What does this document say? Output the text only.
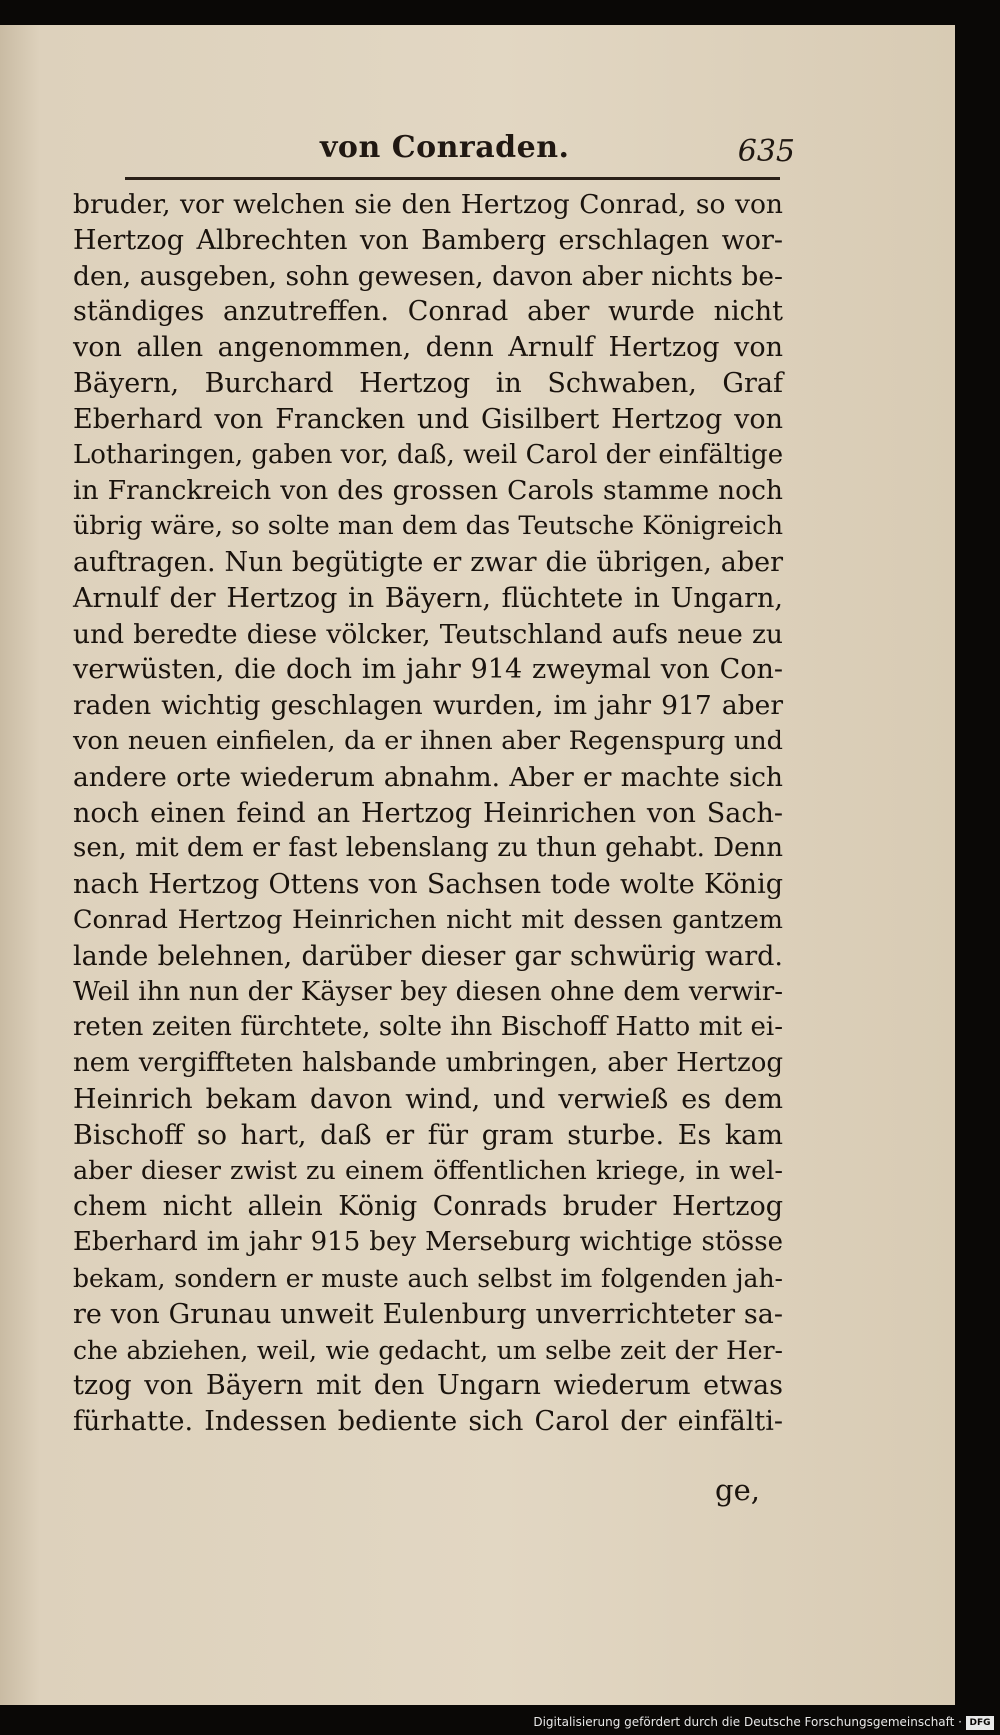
von Conraden.	635
bruder, vor welchen sie den Hertzog Conrad, so von
Hertzog Albrechten von Bamberg erschlagen wor-
den, ausgeben, sohn gewesen, davon aber nichts be-
ständiges anzutreffen. Conrad aber wurde nicht
von allen angenommen, denn Arnulf Hertzog von
Bäyern, Burchard Hertzog in Schwaben, Graf
Eberhard von Francken und Gisilbert Hertzog von
Lotharingen, gaben vor, daß, weil Carol der einfältige
in Franckreich von des grossen Carols stamme noch
übrig wäre, so solte man dem das Teutsche Königreich
auftragen. Nun begütigte er zwar die übrigen, aber
Arnulf der Hertzog in Bäyern, flüchtete in Ungarn,
und beredte diese völcker, Teutschland aufs neue zu
verwüsten, die doch im jahr 914 zweymal von Con-
raden wichtig geschlagen wurden, im jahr 917 aber
von neuen einfielen, da er ihnen aber Regenspurg und
andere orte wiederum abnahm. Aber er machte sich
noch einen feind an Hertzog Heinrichen von Sach-
sen, mit dem er fast lebenslang zu thun gehabt. Denn
nach Hertzog Ottens von Sachsen tode wolte König
Conrad Hertzog Heinrichen nicht mit dessen gantzem
lande belehnen, darüber dieser gar schwürig ward.
Weil ihn nun der Käyser bey diesen ohne dem verwir-
reten zeiten fürchtete, solte ihn Bischoff Hatto mit ei-
nem vergiffteten halsbande umbringen, aber Hertzog
Heinrich bekam davon wind, und verwieß es dem
Bischoff so hart, daß er für gram sturbe. Es kam
aber dieser zwist zu einem öffentlichen kriege, in wel-
chem nicht allein König Conrads bruder Hertzog
Eberhard im jahr 915 bey Merseburg wichtige stösse
bekam, sondern er muste auch selbst im folgenden jah-
re von Grunau unweit Eulenburg unverrichteter sa-
che abziehen, weil, wie gedacht, um selbe zeit der Her-
tzog von Bäyern mit den Ungarn wiederum etwas
fürhatte. Indessen bediente sich Carol der einfälti-
ge,
Digitalisierung gefördert durch die Deutsche Forschungsgemeinschaft · DFG
